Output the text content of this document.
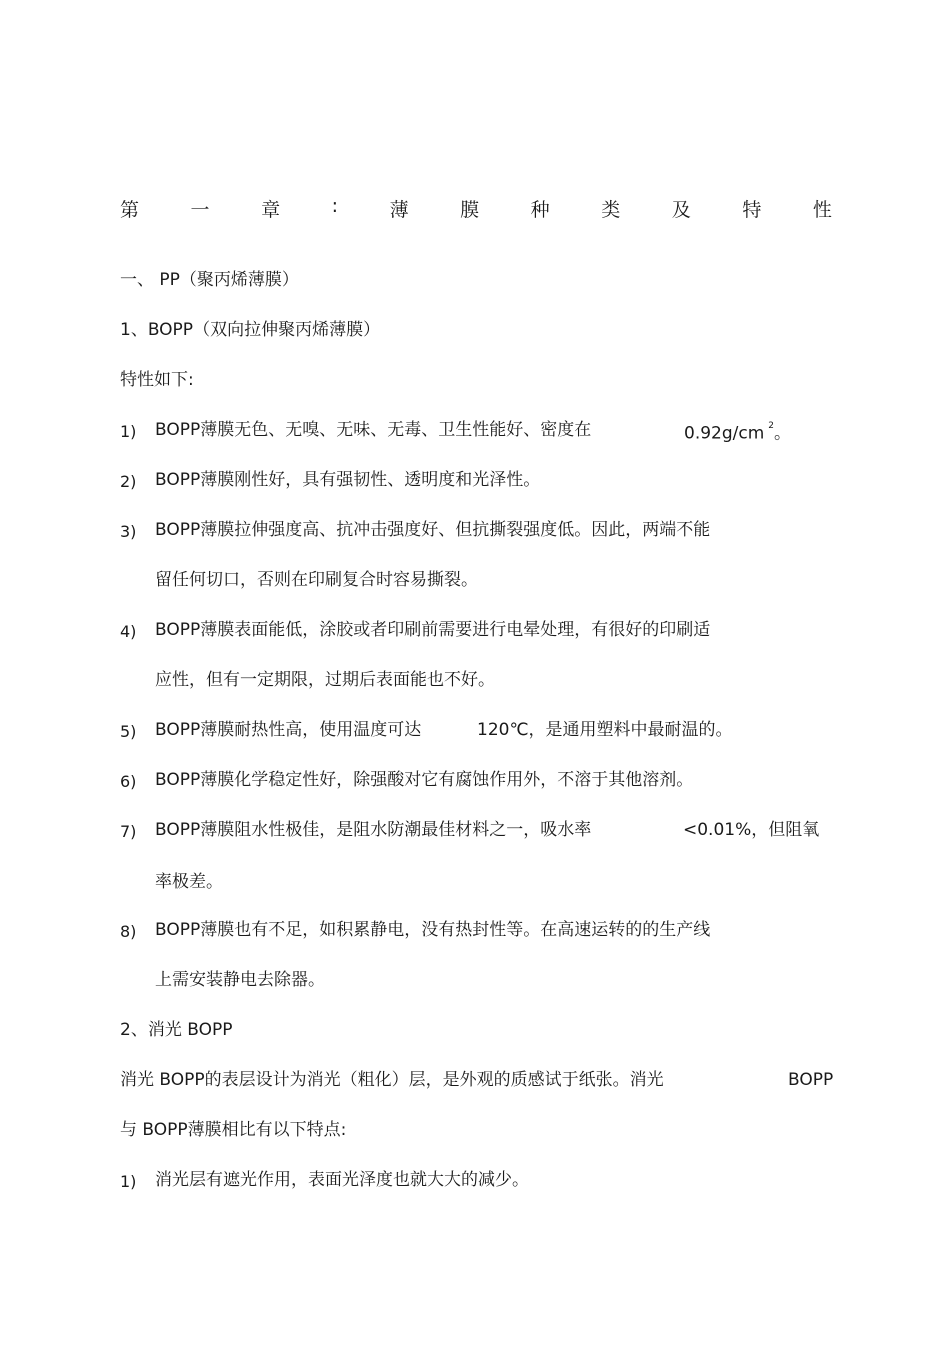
第	一	章	:	薄	膜	种	类	及	特	性
一、 PP（聚丙烯薄膜）
1、BOPP（双向拉伸聚丙烯薄膜）
特性如下:
1) BOPP薄膜无色、无嗅、无味、无毒、卫生性能好、密度在	0.92g/cm $^2$。
2) BOPP薄膜刚性好，具有强韧性、透明度和光泽性。
3) BOPP薄膜拉伸强度高、抗冲击强度好、但抗撕裂强度低。因此，两端不能
留任何切口，否则在印刷复合时容易撕裂。
4) BOPP薄膜表面能低，涂胶或者印刷前需要进行电晕处理，有很好的印刷适
应性，但有一定期限，过期后表面能也不好。
5) BOPP薄膜耐热性高，使用温度可达	120℃，是通用塑料中最耐温的。
6) BOPP薄膜化学稳定性好，除强酸对它有腐蚀作用外，不溶于其他溶剂。
7) BOPP薄膜阻水性极佳，是阻水防潮最佳材料之一，吸水率	<0.01%，但阻氧
率极差。
8) BOPP薄膜也有不足，如积累静电，没有热封性等。在高速运转的的生产线
上需安装静电去除器。
2、消光 BOPP
消光 BOPP的表层设计为消光（粗化）层，是外观的质感试于纸张。消光	BOPP
与 BOPP薄膜相比有以下特点:
1) 消光层有遮光作用，表面光泽度也就大大的减少。
